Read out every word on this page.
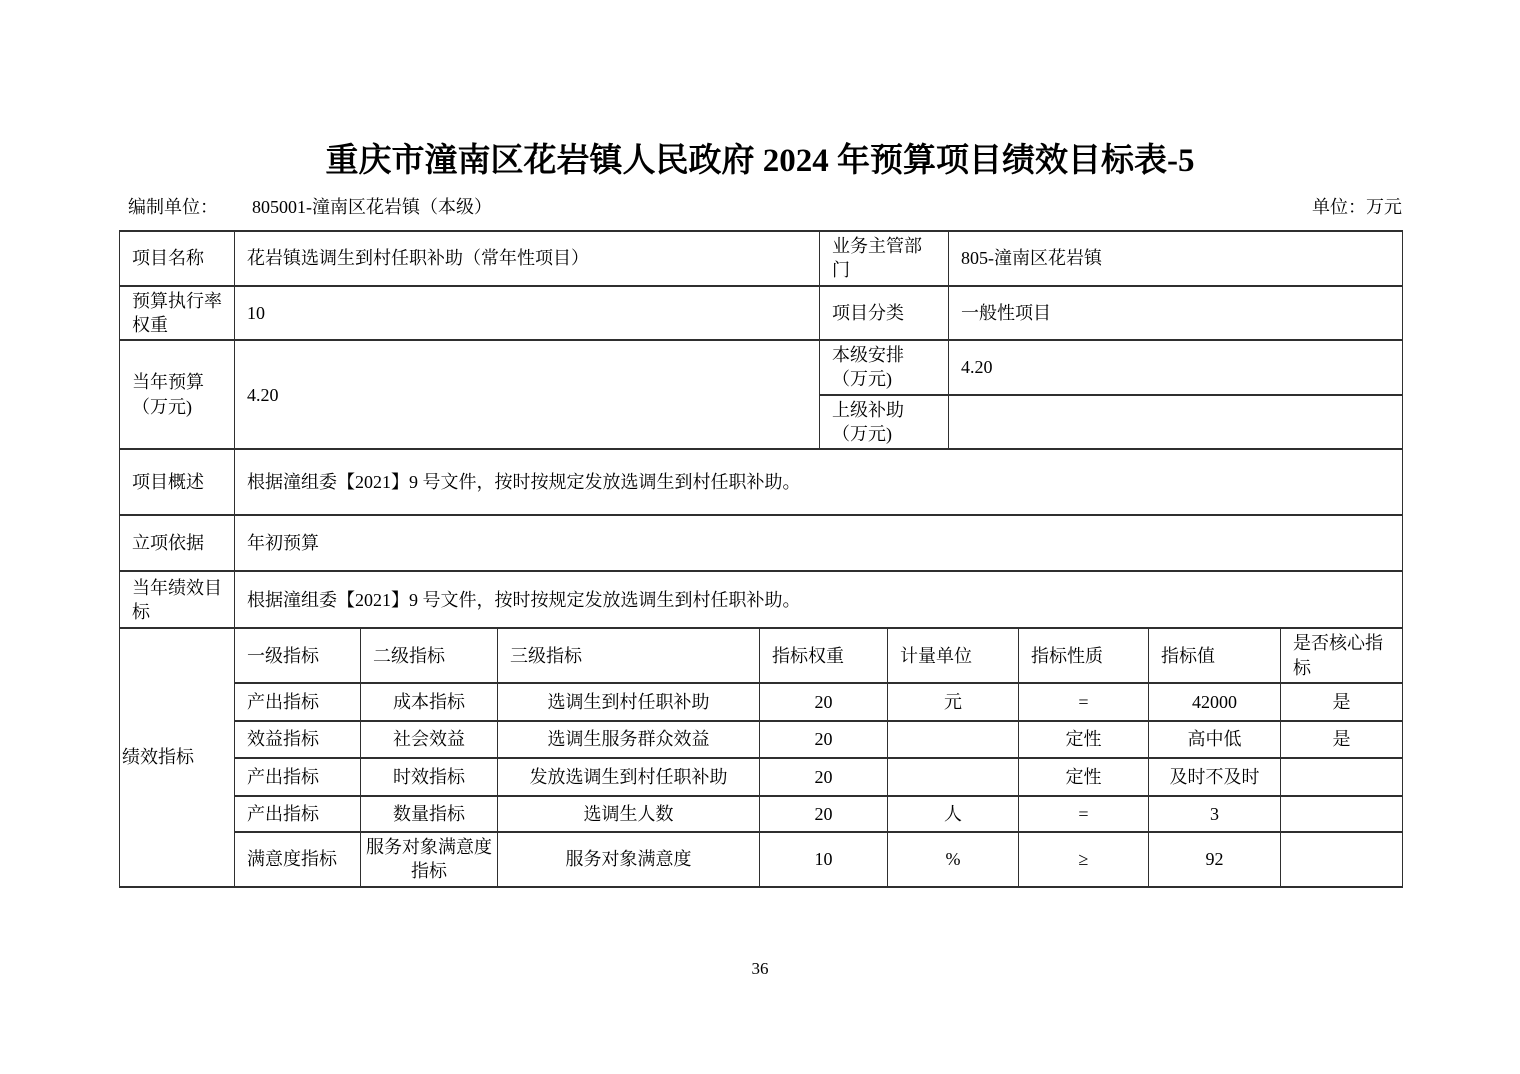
重庆市潼南区花岩镇人民政府 2024 年预算项目绩效目标表-5
编制单位： 805001-潼南区花岩镇（本级）	单位：万元
项目名称	花岩镇选调生到村任职补助（常年性项目）	业务主管部门	805-潼南区花岩镇
预算执行率权重	10	项目分类	一般性项目
当年预算（万元)	4.20	本级安排（万元)	4.20
		上级补助（万元)	
项目概述	根据潼组委【2021】9 号文件，按时按规定发放选调生到村任职补助。		
立项依据	年初预算		
当年绩效目标	根据潼组委【2021】9 号文件，按时按规定发放选调生到村任职补助。		
绩效指标	一级指标	二级指标	三级指标	指标权重	计量单位	指标性质	指标值	是否核心指标
	产出指标	成本指标	选调生到村任职补助	20	元	=	42000	是
	效益指标	社会效益	选调生服务群众效益	20		定性	高中低	是
	产出指标	时效指标	发放选调生到村任职补助	20		定性	及时不及时	
	产出指标	数量指标	选调生人数	20	人	=	3	
	满意度指标	服务对象满意度指标	服务对象满意度	10	%	≥	92	
36
